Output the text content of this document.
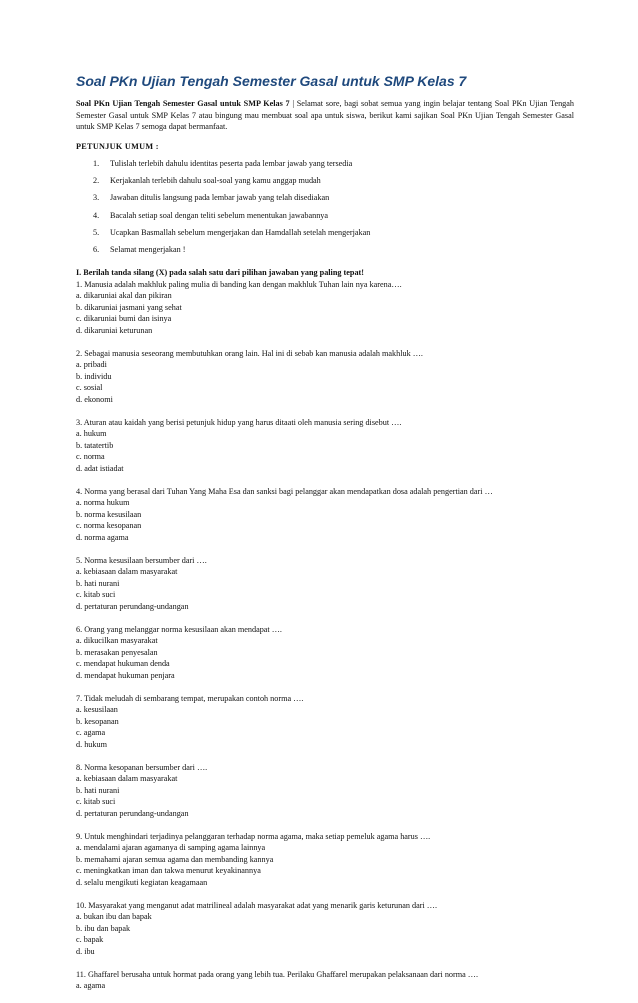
Soal PKn Ujian Tengah Semester Gasal untuk SMP Kelas 7

Soal PKn Ujian Tengah Semester Gasal untuk SMP Kelas 7 | Selamat sore, bagi sobat semua yang ingin belajar tentang Soal PKn Ujian Tengah Semester Gasal untuk SMP Kelas 7 atau bingung mau membuat soal apa untuk siswa, berikut kami sajikan Soal PKn Ujian Tengah Semester Gasal untuk SMP Kelas 7 semoga dapat bermanfaat.

PETUNJUK UMUM :

1. Tulislah terlebih dahulu identitas peserta pada lembar jawab yang tersedia
2. Kerjakanlah terlebih dahulu soal-soal yang kamu anggap mudah
3. Jawaban ditulis langsung pada lembar jawab yang telah disediakan
4. Bacalah setiap soal dengan teliti sebelum menentukan jawabannya
5. Ucapkan Basmallah sebelum mengerjakan dan Hamdallah setelah mengerjakan
6. Selamat mengerjakan !

I. Berilah tanda silang (X) pada salah satu dari pilihan jawaban yang paling tepat!

1. Manusia adalah makhluk paling mulia di banding kan dengan makhluk Tuhan lain nya karena….
a. dikaruniai akal dan pikiran
b. dikaruniai jasmani yang sehat
c. dikaruniai bumi dan isinya
d. dikaruniai keturunan
2. Sebagai manusia seseorang membutuhkan orang lain. Hal ini di sebab kan manusia adalah makhluk ….
a. pribadi
b. individu
c. sosial
d. ekonomi
3. Aturan atau kaidah yang berisi petunjuk hidup yang harus ditaati oleh manusia sering disebut ….
a. hukum
b. tatatertib
c. norma
d. adat istiadat
4. Norma yang berasal dari Tuhan Yang Maha Esa dan sanksi bagi pelanggar akan mendapatkan dosa adalah pengertian dari …
a. norma hukum
b. norma kesusilaan
c. norma kesopanan
d. norma agama
5. Norma kesusilaan bersumber dari ….
a. kebiasaan dalam masyarakat
b. hati nurani
c. kitab suci
d. pertaturan perundang-undangan
6. Orang yang melanggar norma kesusilaan akan mendapat ….
a. dikucilkan masyarakat
b. merasakan penyesalan
c. mendapat hukuman denda
d. mendapat hukuman penjara
7. Tidak meludah di sembarang tempat, merupakan contoh norma ….
a. kesusilaan
b. kesopanan
c. agama
d. hukum
8. Norma kesopanan bersumber dari ….
a. kebiasaan dalam masyarakat
b. hati nurani
c. kitab suci
d. pertaturan perundang-undangan
9. Untuk menghindari terjadinya pelanggaran terhadap norma agama, maka setiap pemeluk agama harus ….
a. mendalami ajaran agamanya di samping agama lainnya
b. memahami ajaran semua agama dan membanding kannya
c. meningkatkan iman dan takwa menurut keyakinannya
d. selalu mengikuti kegiatan keagamaan
10. Masyarakat yang menganut adat matrilineal adalah masyarakat adat yang menarik garis keturunan dari ….
a. bukan ibu dan bapak
b. ibu dan bapak
c. bapak
d. ibu
11. Ghaffarel berusaha untuk hormat pada orang yang lebih tua. Perilaku Ghaffarel merupakan pelaksanaan dari norma ….
a. agama
